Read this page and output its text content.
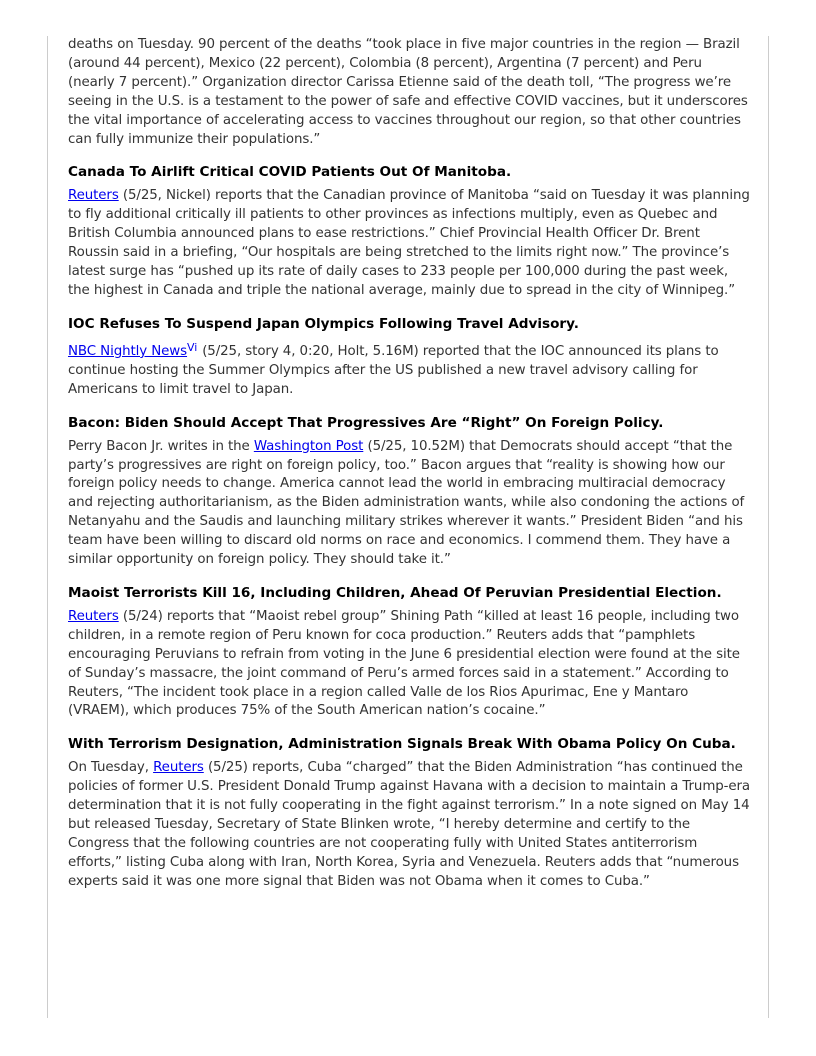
deaths on Tuesday. 90 percent of the deaths “took place in five major countries in the region — Brazil (around 44 percent), Mexico (22 percent), Colombia (8 percent), Argentina (7 percent) and Peru (nearly 7 percent).” Organization director Carissa Etienne said of the death toll, “The progress we’re seeing in the U.S. is a testament to the power of safe and effective COVID vaccines, but it underscores the vital importance of accelerating access to vaccines throughout our region, so that other countries can fully immunize their populations.”

Canada To Airlift Critical COVID Patients Out Of Manitoba.

Reuters (5/25, Nickel) reports that the Canadian province of Manitoba “said on Tuesday it was planning to fly additional critically ill patients to other provinces as infections multiply, even as Quebec and British Columbia announced plans to ease restrictions.” Chief Provincial Health Officer Dr. Brent Roussin said in a briefing, “Our hospitals are being stretched to the limits right now.” The province’s latest surge has “pushed up its rate of daily cases to 233 people per 100,000 during the past week, the highest in Canada and triple the national average, mainly due to spread in the city of Winnipeg.”

IOC Refuses To Suspend Japan Olympics Following Travel Advisory.

NBC Nightly News$^{Vi}$ (5/25, story 4, 0:20, Holt, 5.16M) reported that the IOC announced its plans to continue hosting the Summer Olympics after the US published a new travel advisory calling for Americans to limit travel to Japan.

Bacon: Biden Should Accept That Progressives Are “Right” On Foreign Policy.

Perry Bacon Jr. writes in the Washington Post (5/25, 10.52M) that Democrats should accept “that the party’s progressives are right on foreign policy, too.” Bacon argues that “reality is showing how our foreign policy needs to change. America cannot lead the world in embracing multiracial democracy and rejecting authoritarianism, as the Biden administration wants, while also condoning the actions of Netanyahu and the Saudis and launching military strikes wherever it wants.” President Biden “and his team have been willing to discard old norms on race and economics. I commend them. They have a similar opportunity on foreign policy. They should take it.”

Maoist Terrorists Kill 16, Including Children, Ahead Of Peruvian Presidential Election.

Reuters (5/24) reports that “Maoist rebel group” Shining Path “killed at least 16 people, including two children, in a remote region of Peru known for coca production.” Reuters adds that “pamphlets encouraging Peruvians to refrain from voting in the June 6 presidential election were found at the site of Sunday’s massacre, the joint command of Peru’s armed forces said in a statement.” According to Reuters, “The incident took place in a region called Valle de los Rios Apurimac, Ene y Mantaro (VRAEM), which produces 75% of the South American nation’s cocaine.”

With Terrorism Designation, Administration Signals Break With Obama Policy On Cuba.

On Tuesday, Reuters (5/25) reports, Cuba “charged” that the Biden Administration “has continued the policies of former U.S. President Donald Trump against Havana with a decision to maintain a Trump-era determination that it is not fully cooperating in the fight against terrorism.” In a note signed on May 14 but released Tuesday, Secretary of State Blinken wrote, “I hereby determine and certify to the Congress that the following countries are not cooperating fully with United States antiterrorism efforts,” listing Cuba along with Iran, North Korea, Syria and Venezuela. Reuters adds that “numerous experts said it was one more signal that Biden was not Obama when it comes to Cuba.”
